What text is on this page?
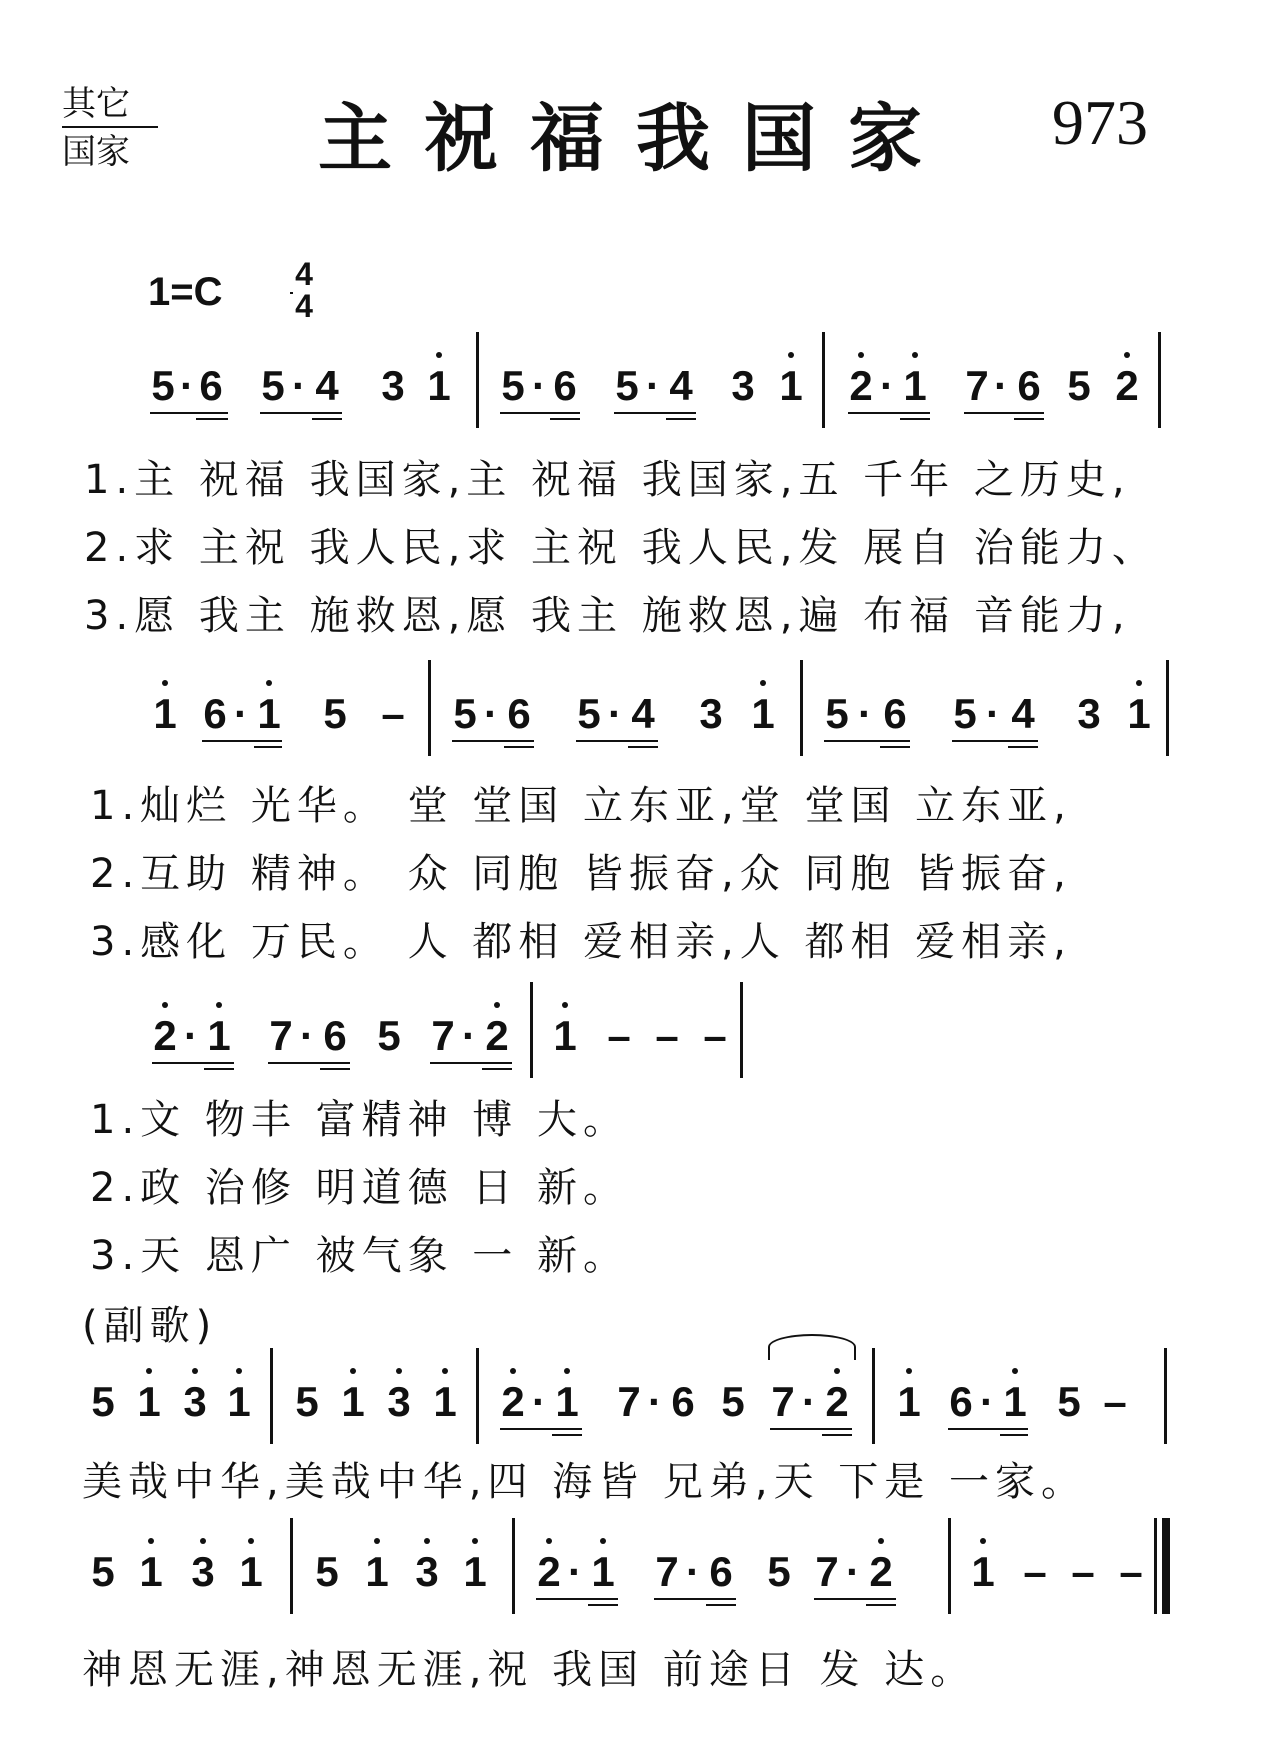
其它
国家	主祝福我国家 973
1=C 4
4
5 · 6 5 · 4 3 1 5 · 6 5 · 4 3 1 2 · 1 7 · 6 5 2
1.主 祝福 我国家,主 祝福 我国家,五 千年 之历史,
2.求 主祝 我人民,求 主祝 我人民,发 展自 治能力、
3.愿 我主 施救恩,愿 我主 施救恩,遍 布福 音能力,
1 6 · 1 5 – 5 · 6 5 · 4 3 1 5 · 6 5 · 4 3 1
1.灿烂 光华。 堂 堂国 立东亚,堂 堂国 立东亚,
2.互助 精神。 众 同胞 皆振奋,众 同胞 皆振奋,
3.感化 万民。 人 都相 爱相亲,人 都相 爱相亲,
2 · 1 7 · 6 5 7 · 2 1 – – –
1.文 物丰 富精神 博 大。
2.政 治修 明道德 日 新。
3.天 恩广 被气象 一 新。
(副歌)
5 1 3 1 5 1 3 1 2 · 1 7 · 6 5 7 · 2 1 6 · 1 5 –
美哉中华,美哉中华,四 海皆 兄弟,天 下是 一家。
5 1 3 1 5 1 3 1 2 · 1 7 · 6 5 7 · 2 1 – – –
神恩无涯,神恩无涯,祝 我国 前途日 发 达。
